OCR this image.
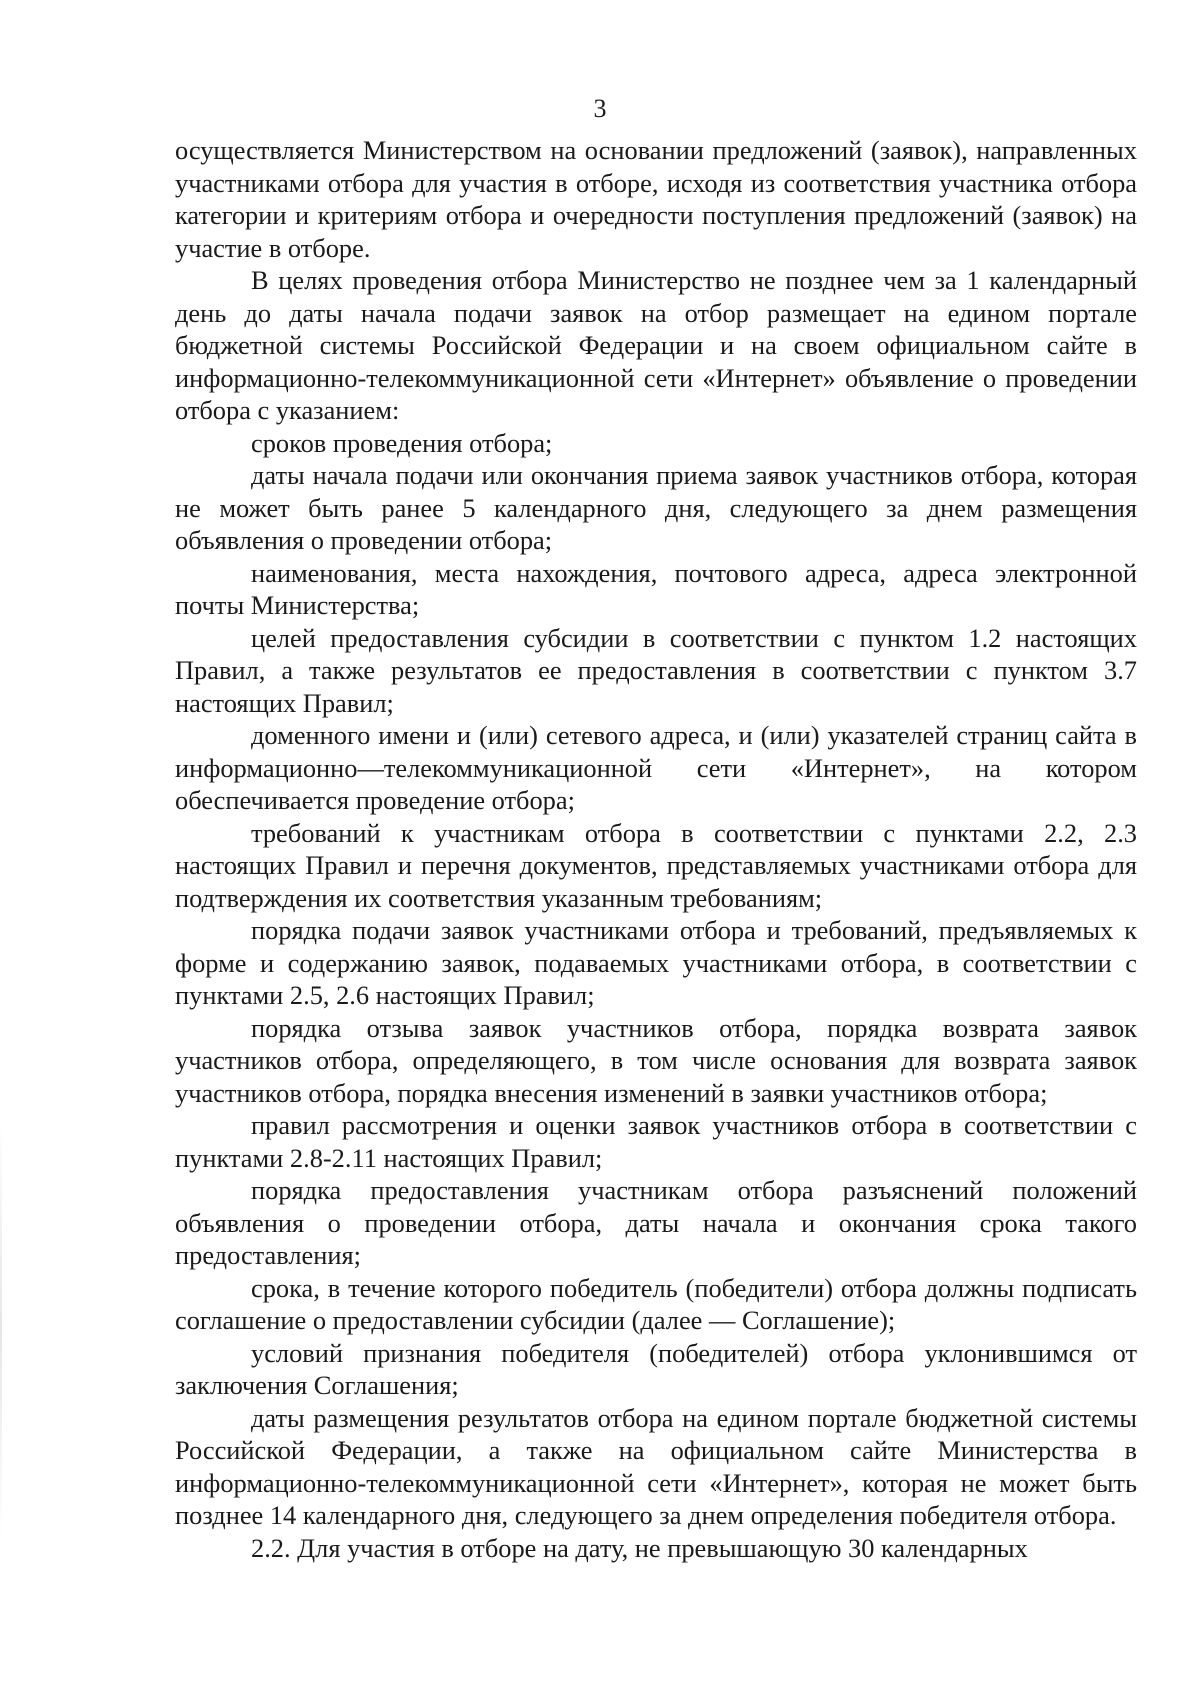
3

осуществляется Министерством на основании предложений (заявок), направленных участниками отбора для участия в отборе, исходя из соответствия участника отбора категории и критериям отбора и очередности поступления предложений (заявок) на участие в отборе.

В целях проведения отбора Министерство не позднее чем за 1 календарный день до даты начала подачи заявок на отбор размещает на едином портале бюджетной системы Российской Федерации и на своем официальном сайте в информационно-телекоммуникационной сети «Интернет» объявление о проведении отбора с указанием:

сроков проведения отбора;

даты начала подачи или окончания приема заявок участников отбора, которая не может быть ранее 5 календарного дня, следующего за днем размещения объявления о проведении отбора;

наименования, места нахождения, почтового адреса, адреса электронной почты Министерства;

целей предоставления субсидии в соответствии с пунктом 1.2 настоящих Правил, а также результатов ее предоставления в соответствии с пунктом 3.7 настоящих Правил;

доменного имени и (или) сетевого адреса, и (или) указателей страниц сайта в информационно—телекоммуникационной сети «Интернет», на котором обеспечивается проведение отбора;

требований к участникам отбора в соответствии с пунктами 2.2, 2.3 настоящих Правил и перечня документов, представляемых участниками отбора для подтверждения их соответствия указанным требованиям;

порядка подачи заявок участниками отбора и требований, предъявляемых к форме и содержанию заявок, подаваемых участниками отбора, в соответствии с пунктами 2.5, 2.6 настоящих Правил;

порядка отзыва заявок участников отбора, порядка возврата заявок участников отбора, определяющего, в том числе основания для возврата заявок участников отбора, порядка внесения изменений в заявки участников отбора;

правил рассмотрения и оценки заявок участников отбора в соответствии с пунктами 2.8-2.11 настоящих Правил;

порядка предоставления участникам отбора разъяснений положений объявления о проведении отбора, даты начала и окончания срока такого предоставления;

срока, в течение которого победитель (победители) отбора должны подписать соглашение о предоставлении субсидии (далее — Соглашение);

условий признания победителя (победителей) отбора уклонившимся от заключения Соглашения;

даты размещения результатов отбора на едином портале бюджетной системы Российской Федерации, а также на официальном сайте Министерства в информационно-телекоммуникационной сети «Интернет», которая не может быть позднее 14 календарного дня, следующего за днем определения победителя отбора.

2.2. Для участия в отборе на дату, не превышающую 30 календарных
